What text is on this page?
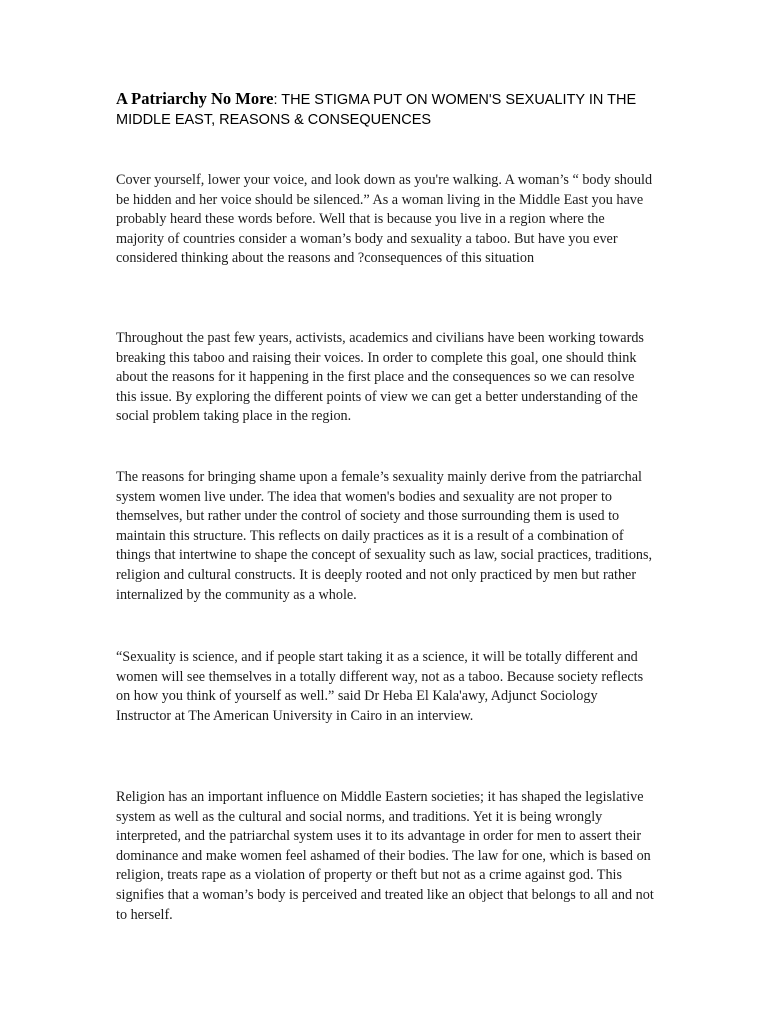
A Patriarchy No More: THE STIGMA PUT ON WOMEN'S SEXUALITY IN THE MIDDLE EAST, REASONS & CONSEQUENCES

Cover yourself, lower your voice, and look down as you're walking. A woman’s “ body should be hidden and her voice should be silenced.” As a woman living in the Middle East you have probably heard these words before. Well that is because you live in a region where the majority of countries consider a woman’s body and sexuality a taboo. But have you ever considered thinking about the reasons and ?consequences of this situation

Throughout the past few years, activists, academics and civilians have been working towards breaking this taboo and raising their voices. In order to complete this goal, one should think about the reasons for it happening in the first place and the consequences so we can resolve this issue. By exploring the different points of view we can get a better understanding of the social problem taking place in the region.

The reasons for bringing shame upon a female’s sexuality mainly derive from the patriarchal system women live under. The idea that women's bodies and sexuality are not proper to themselves, but rather under the control of society and those surrounding them is used to maintain this structure. This reflects on daily practices as it is a result of a combination of things that intertwine to shape the concept of sexuality such as law, social practices, traditions, religion and cultural constructs. It is deeply rooted and not only practiced by men but rather internalized by the community as a whole.

“Sexuality is science, and if people start taking it as a science, it will be totally different and women will see themselves in a totally different way, not as a taboo. Because society reflects on how you think of yourself as well.” said Dr Heba El Kala'awy, Adjunct Sociology Instructor at The American University in Cairo in an interview.

Religion has an important influence on Middle Eastern societies; it has shaped the legislative system as well as the cultural and social norms, and traditions. Yet it is being wrongly interpreted, and the patriarchal system uses it to its advantage in order for men to assert their dominance and make women feel ashamed of their bodies. The law for one, which is based on religion, treats rape as a violation of property or theft but not as a crime against god. This signifies that a woman’s body is perceived and treated like an object that belongs to all and not to herself.
